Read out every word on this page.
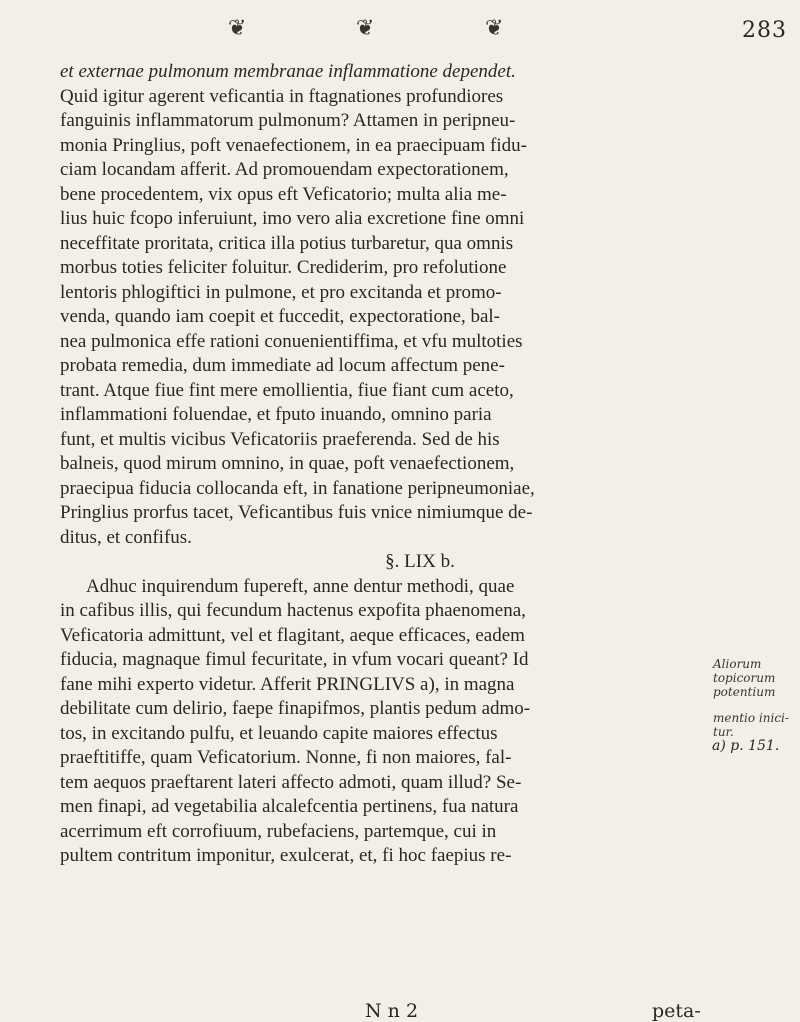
❦	❦	❦	283
et externae pulmonum membranae inflammatione dependet.
Quid igitur agerent veficantia in ftagnationes profundiores
fanguinis inflammatorum pulmonum? Attamen in peripneu-
monia Pringlius, poft venaefectionem, in ea praecipuam fidu-
ciam locandam afferit. Ad promouendam expectorationem,
bene procedentem, vix opus eft Veficatorio; multa alia me-
lius huic fcopo inferuiunt, imo vero alia excretione fine omni
neceffitate proritata, critica illa potius turbaretur, qua omnis
morbus toties feliciter foluitur. Crediderim, pro refolutione
lentoris phlogiftici in pulmone, et pro excitanda et promo-
venda, quando iam coepit et fuccedit, expectoratione, bal-
nea pulmonica effe rationi conuenientiffima, et vfu multoties
probata remedia, dum immediate ad locum affectum pene-
trant. Atque fiue fint mere emollientia, fiue fiant cum aceto,
inflammationi foluendae, et fputo inuando, omnino paria
funt, et multis vicibus Veficatoriis praeferenda. Sed de his
balneis, quod mirum omnino, in quae, poft venaefectionem,
praecipua fiducia collocanda eft, in fanatione peripneumoniae,
Pringlius prorfus tacet, Veficantibus fuis vnice nimiumque de-
ditus, et confifus.
§. LIX b.
Adhuc inquirendum fupereft, anne dentur methodi, quae
in cafibus illis, qui fecundum hactenus expofita phaenomena,
Veficatoria admittunt, vel et flagitant, aeque efficaces, eadem
fiducia, magnaque fimul fecuritate, in vfum vocari queant? Id
fane mihi experto videtur. Afferit PRINGLIVS a), in magna
debilitate cum delirio, faepe finapifmos, plantis pedum admo-
tos, in excitando pulfu, et leuando capite maiores effectus
praeftitiffe, quam Veficatorium. Nonne, fi non maiores, fal-
tem aequos praeftarent lateri affecto admoti, quam illud? Se-
men finapi, ad vegetabilia alcalefcentia pertinens, fua natura
acerrimum eft corrofiuum, rubefaciens, partemque, cui in
pultem contritum imponitur, exulcerat, et, fi hoc faepius re-
Aliorum
topicorum
potentium
mentio inici-
tur.
a) p. 151.
N n 2	peta-
